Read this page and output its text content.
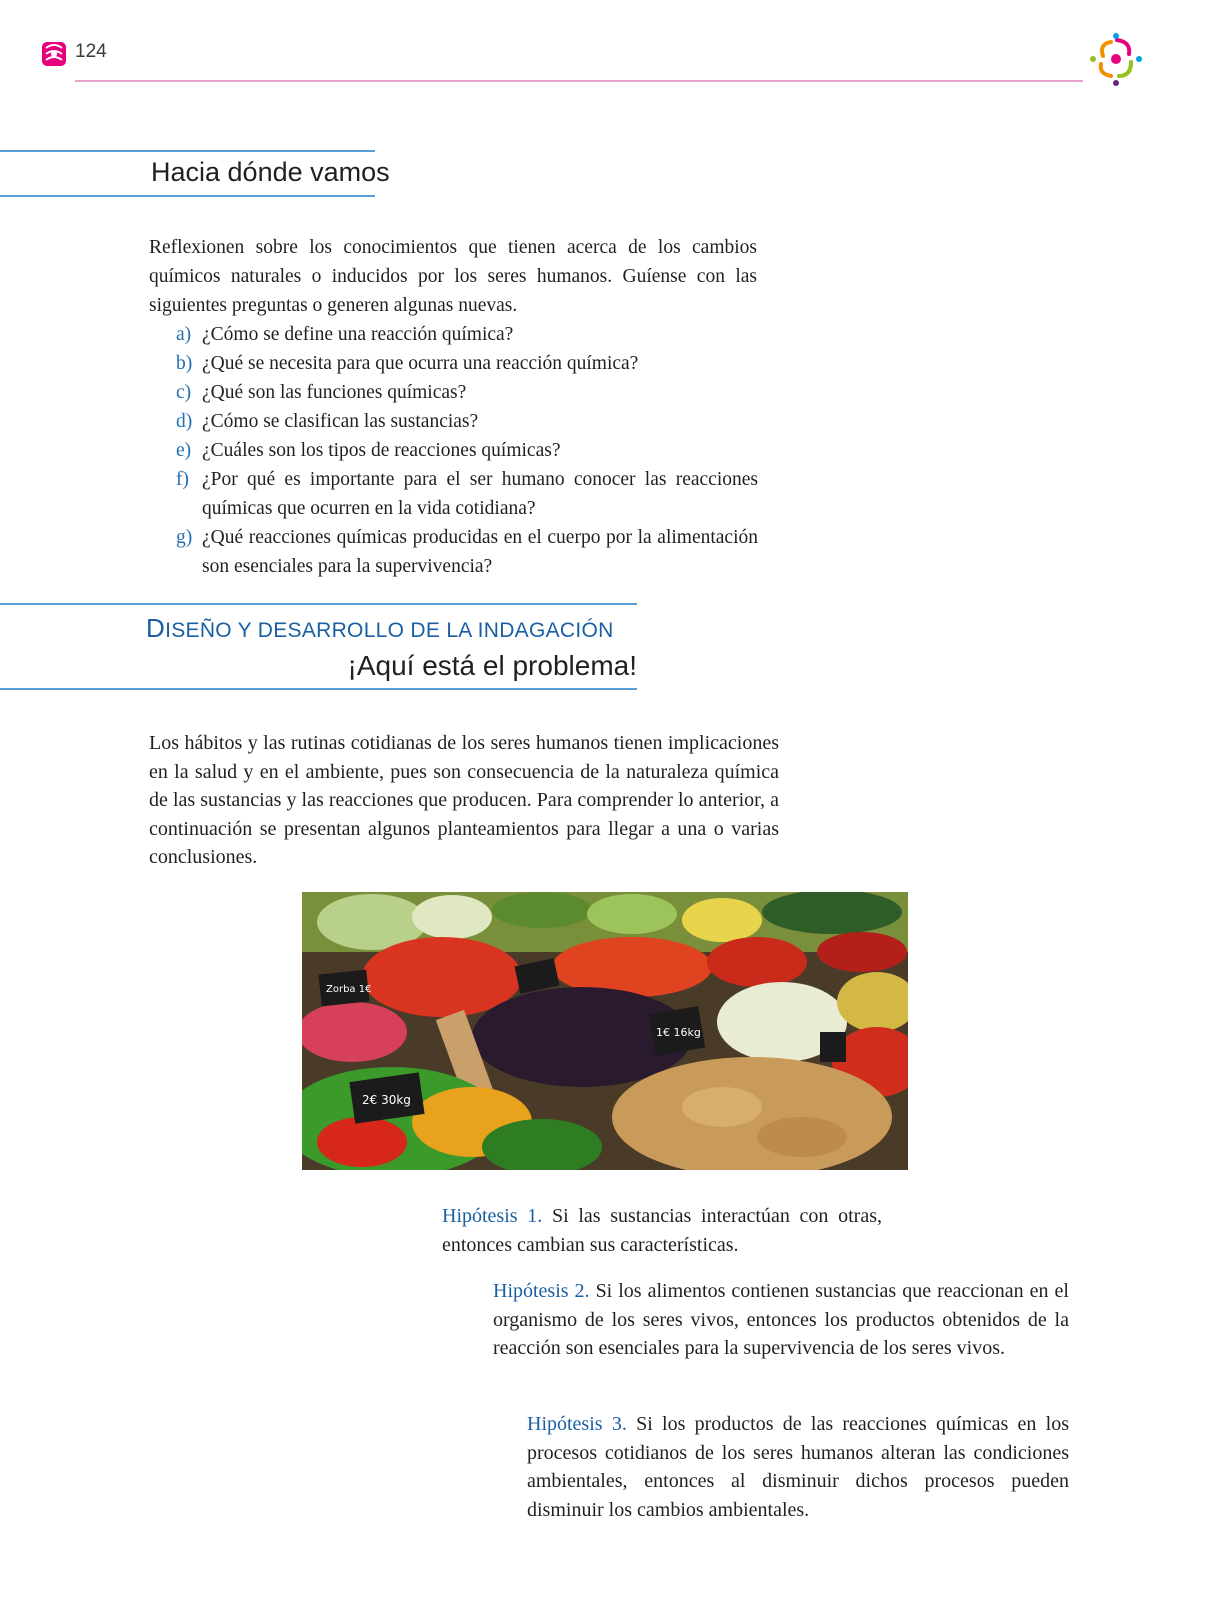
124
Hacia dónde vamos
Reflexionen sobre los conocimientos que tienen acerca de los cambios químicos naturales o inducidos por los seres humanos. Guíense con las siguientes preguntas o generen algunas nuevas.
a) ¿Cómo se define una reacción química?
b) ¿Qué se necesita para que ocurra una reacción química?
c) ¿Qué son las funciones químicas?
d) ¿Cómo se clasifican las sustancias?
e) ¿Cuáles son los tipos de reacciones químicas?
f) ¿Por qué es importante para el ser humano conocer las reacciones químicas que ocurren en la vida cotidiana?
g) ¿Qué reacciones químicas producidas en el cuerpo por la alimentación son esenciales para la supervivencia?
DISEÑO Y DESARROLLO DE LA INDAGACIÓN
¡Aquí está el problema!
Los hábitos y las rutinas cotidianas de los seres humanos tienen implicaciones en la salud y en el ambiente, pues son consecuencia de la naturaleza química de las sustancias y las reacciones que producen. Para comprender lo anterior, a continuación se presentan algunos planteamientos para llegar a una o varias conclusiones.
Zorba 1€
2€ 30kg
1€ 16kg
Hipótesis 1. Si las sustancias interactúan con otras, entonces cambian sus características.
Hipótesis 2. Si los alimentos contienen sustancias que reaccionan en el organismo de los seres vivos, entonces los productos obtenidos de la reacción son esenciales para la supervivencia de los seres vivos.
Hipótesis 3. Si los productos de las reacciones químicas en los procesos cotidianos de los seres humanos alteran las condiciones ambientales, entonces al disminuir dichos procesos pueden disminuir los cambios ambientales.
